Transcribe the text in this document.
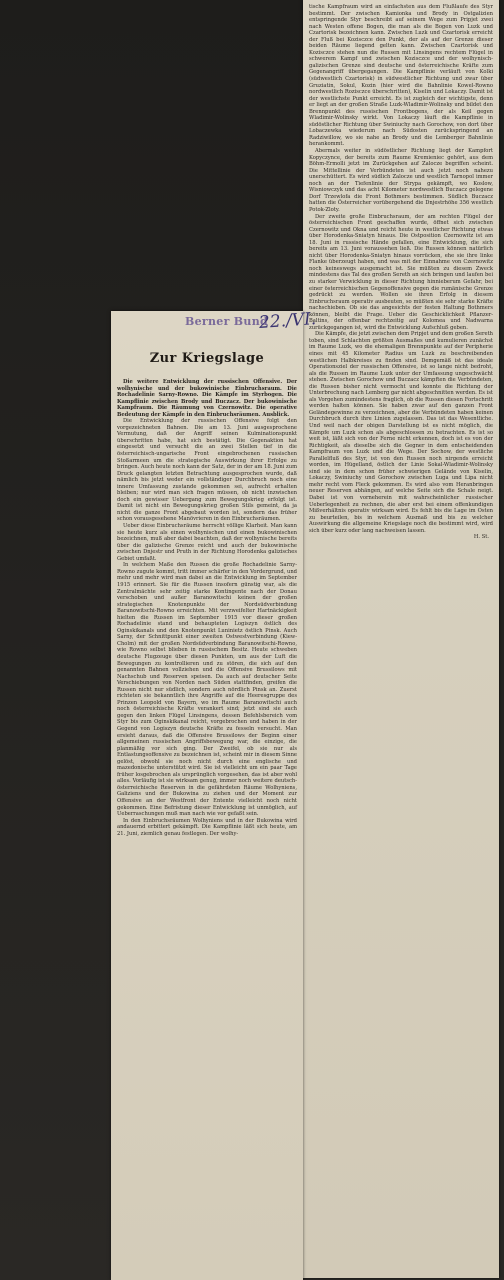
tische Kampfraum wird an einfachsten aus dem Flußlaufe des Styr bestimmt. Der zwischen Kamionka und Brody in Ostgalizien entspringende Styr beschreibt auf seinem Wege zum Pripjet zwei nach Westen offene Bogen, die man als die Bogen von Luzk und Czartorisk bezeichnen kann. Zwischen Luzk und Czartorisk erreicht der Fluß bei Kozisczce den Punkt, der als auf der Grenze dieser beiden Räume liegend gelten kann. Zwischen Czartorisk und Kozisczce stehen nun die Russen mit Linsingens rechtem Flügel in schwerem Kampf und zwischen Kozisczce und der wolhynisch-galizischen Grenze sind deutsche und österreichische Kräfte zum Gegenangriff übergegangen. Die Kampflinie verläuft von Kolki (südwestlich Czartorisk) in südwestlicher Richtung und zwar über Gruziatin, Sokul, Kozin (hier wird die Bahnlinie Kowel-Rowno nordwestlich Rozisczce überschritten), Kiselin und Lokaczy. Damit ist der westlichste Punkt erreicht. Es ist zugleich der wichtigste, denn er liegt an der großen Straße Luzk-Wladimir-Wolinsky und bildet den Brennpunkt des russischen Frontbogens, der als Keil gegen Wladimir-Wolinsky wirkt. Von Lokaczy läuft die Kampflinie in südöstlicher Richtung über Swiniuchy nach Gorochow, von dort über Lobaczewka wiederum nach Südosten zurückspringend an Radziwillow, wo sie nahe an Brody und die Lemberger Bahnlinie herankommt.

Abermals weiter in südöstlicher Richtung liegt der Kampfort Kopyczynce, der bereits zum Raume Kremieniec gehört, aus dem Böhm-Ermolli jetzt im Zurückgehen auf Zalocze begriffen scheint. Die Mittellinie der Verbündeten ist auch jetzt noch nahezu unerschüttert. Es wird südlich Zalocze und westlich Tarnopol immer noch an der Tiefenlinie der Strypa gekämpft, wo Koslow, Wisniowczyk und das acht Kilometer nordwestlich Buczacz gelegene Dorf Trzewlofa die Front Bothmers bestimmen. Südlich Buczacz hatten die Österreicher vorübergehend die Dnjestrhöhe 356 westlich Potok-Zloty.

Der zweite große Einbruchsraum, der am rechten Flügel der österreichischen Front geschaffen wurde, öffnet sich zwischen Czernowitz und Okna und reicht heute in westlicher Richtung etwas über Horodenka-Sniatyn hinaus. Die Ostposition Czernowitz ist am 18. Juni in russische Hände gefallen, eine Entwicklung, die sich bereits am 13. Juni voraussehen ließ. Die Russen können natürlich nicht über Horodenka-Sniatyn hinaus vorrücken, ehe sie ihre linke Flanke überzeugt haben, und was mit der Einnahme von Czernowitz noch keineswegs ausgemacht ist. Sie müßten zu diesem Zweck mindestens das Tal des großen Sereth an sich bringen und laufen bei zu starker Verwicklung in dieser Richtung hinnieberum Gefahr, bei einer österreichischen Gegenoffensive gegen die rumänische Grenze gedrückt zu werden. Wollen sie ihren Erfolg in diesem Einbruchsraum operativ ausbeuten, so müßten sie sehr starke Kräfte nachschieben. Ob sie das angesichts der festen Haltung Bothmers können, bleibt die Frage. Ueber die Geschicklichkeit Pflanzer-Baltins, der offenbar rechtzeitig auf Kolomea und Nadwarna zurückgegangen ist, wird die Entwicklung Aufschluß geben.

Die Kämpfe, die jetzt zwischen dem Pripjet und dem großen Sereth toben, sind Schlachten größten Ausmaßes und kumulieren zunächst im Raume Luzk, wo die ehemaligen Brennpunkte auf der Peripherie eines mit 45 Kilometer Radius um Luzk zu beschreibenden westlichen Halbkreises zu finden sind. Demgemäß ist das ideale Operationsziel der russischen Offensive, ist so lange nicht bedroht, als die Russen im Raume Luzk unter der Umfassung ungeschwächt stehen. Zwischen Gorochow und Buczacz kämpften die Verbündeten, die Russen bisher nicht vermocht und konnte die Richtung der Unterbrechung nach Lemberg gar nicht abgeschnitten werden. Es ist als Vorgehen zumindestens fraglich, ob die Russen diesen Fortschritt werden halten können. Sie haben zwar auf den ganzen Front Geländegewinne zu verzeichnen, aber die Verbündeten haben keinen Durchbruch durch ihre Linien zugelassen. Das ist das Wesentliche. Und weil nach der obigen Darstellung ist es nicht möglich, die Kämpfe um Luzk schon als abgeschlossen zu betrachten. Es ist so weit ist, läßt sich von der Ferne nicht erkennen, doch ist es von der Richtigkeit, als dieselbe sich die Gegner in dem entscheidenden Kampfraum von Luzk und die Wege. Der Sochow, der westliche Parallelfluß des Styr, ist von den Russen noch nirgends erreicht worden, im Hügelland, östlich der Linie Sokal-Wladimir-Wolinsky sind sie in dem schon früher schwierigen Gelände von Kiselin, Lokaczy, Swiniuchy und Gorochow zwischen Luga und Lipa nicht mehr recht vom Fleck gekommen. Es wird also vom Heranbringen neuer Reserven abhängen, auf welche Seite sich die Schale neigt. Dabei ist von vorneherein mit wahrscheinlicher russischer Ueberlegenheit zu rechnen, die aber erst bei einem offenkundigen Mißverhältnis operativ wirksam wird. Es fehlt bis die Lage im Osten zu beurteilen, bis in welchem Ausmaß und bis zu welcher Auswirkung die allgemeine Kriegslage noch die bestimmt wird, wird sich über kurz oder lang nachweisen lassen.

H. St.
Berner Bund
22./VI.
Zur Kriegslage

Die weitere Entwicklung der russischen Offensive. Der wolhynische und der bukowinische Einbruchsraum. Die Rochadelinie Sarny-Rowno. Die Kämpfe im Styrbogen. Die Kampflinie zwischen Brody und Buczacz. Der bukowinische Kampfraum. Die Räumung von Czernowitz. Die operative Bedeutung der Kämpfe in den Einbruchsräumen. Ausblick.

Die Entwicklung der russischen Offensive folgt den vorgezeichneten Bahnen. Die am 13. Juni ausgesprochene Vermutung, daß der Angriff seinen Kulminationspunkt überschritten habe, hat sich bestätigt. Die Gegenaktion hat eingesetzt und versucht die an zwei Stellen tief in die österreichisch-ungarische Front eingebrochenen russischen Stoßarmeen um die strategische Auswirkung ihrer Erfolge zu bringen. Auch heute noch kann der Satz, der in der am 18. Juni zum Druck gelangten letzten Betrachtung ausgesprochen wurde, daß nämlich bis jetzt weder ein vollständiger Durchbruch noch eine innere Umfassung zustande gekommen sei, aufrecht erhalten bleiben; nur wird man sich fragen müssen, ob nicht inzwischen doch ein gewisser Uebergang zum Bewegungskrieg erfolgt ist. Damit ist nicht ein Bewegungskrieg großen Stils gemeint, da ja nicht die ganze Front abgebaut worden ist, sondern das früher schon vorausgesehene Manövrieren in den Einbruchsräumen.

Ueber diese Einbruchsräume herrscht völlige Klarheit. Man kann sie heute kurz als einen wolhynischen und einen bukowinischen bezeichnen, muß aber dabei beachten, daß der wolhynische bereits über die galizische Grenze reicht und auch der bukowinische zwischen Dnjestr und Pruth in der Richtung Horodenka galizisches Gebiet umfaßt.

In welchem Maße den Russen die große Rochadelinie Sarny-Rowno zugute kommt, tritt immer schärfer in den Vordergrund, und mehr und mehr wird man dabei an die Entwicklung im September 1915 erinnert. Sie für die Russen insofern günstig war, als die Zentralmächte sehr zeitig starke Kontingente nach der Donau verschoben und außer Baranowitschi keinen der großen strategischen Knotenpunkte der Nordsüdverbindung Baranowitschi-Rowno erreichten. Mit verzweifelter Hartnäckigkeit hielten die Russen im September 1915 vor dieser großen Rochadelinie stand und behaupteten Logiszyn östlich des Oginskikanals und den Knotenpunkt Luninietz östlich Pinsk. Auch Sarny, der Schnittpunkt einer zweiten Ostwestverbindung (Kiew-Cholm) mit der großen Nordsüdverbindung Baranowitschi-Rowno, wie Rowno selbst blieben in russischem Besitz. Heute schweben deutsche Flugzeuge über diesen Punkten, um aus der Luft die Bewegungen zu kontrollieren und zu stören, die sich auf den genannten Bahnen vollziehen und die Offensive Brussilows mit Nachschub und Reserven speisen. Da auch auf deutscher Seite Verschiebungen von Norden nach Süden stattfinden, greifen die Russen nicht nur südlich, sondern auch nördlich Pinsk an. Zuerst richteten sie bekanntlich ihre Angriffe auf die Heeresgruppe des Prinzen Leopold von Bayern, wo im Raume Baranowitschi auch noch österreichische Kräfte verankert sind; jetzt sind sie auch gegen den linken Flügel Linsingens, dessen Befehlsbereich vom Styr bis zum Oginskikanal reicht, vorgebrochen und haben in der Gegend von Logiszyn deutsche Kräfte zu fesseln versucht. Man ersieht daraus, daß die Offensive Brussilows der Beginn einer allgemeinen russischen Angriffsbewegung war, die einzige, die planmäßig vor sich ging. Der Zweifel, ob sie nur als Entlastungsoffensive zu bezeichnen ist, scheint mir in diesem Sinne gelöst, obwohl sie noch nicht durch eine englische und mazedonische unterstützt wird. Sie ist vielleicht um ein paar Tage früher losgebrochen als ursprünglich vorgesehen, das ist aber wohl alles. Vorläufig ist sie wirksam genug, immer noch weitere deutsch-österreichische Reserven in die gefährdeten Räume Wolhyniens, Galiziens und der Bukowina zu ziehen und der Moment zur Offensive an der Westfront der Entente vielleicht noch nicht gekommen. Eine Befristung dieser Entwicklung ist unmöglich, auf Ueberraschungen muß man nach wie vor gefaßt sein.

In den Einbruchsräumen Wolhyniens und in der Bukowina wird andauernd erbittert gekämpft. Die Kampflinie läßt sich heute, am 21. Juni, ziemlich genau festlegen. Der wolhy-
